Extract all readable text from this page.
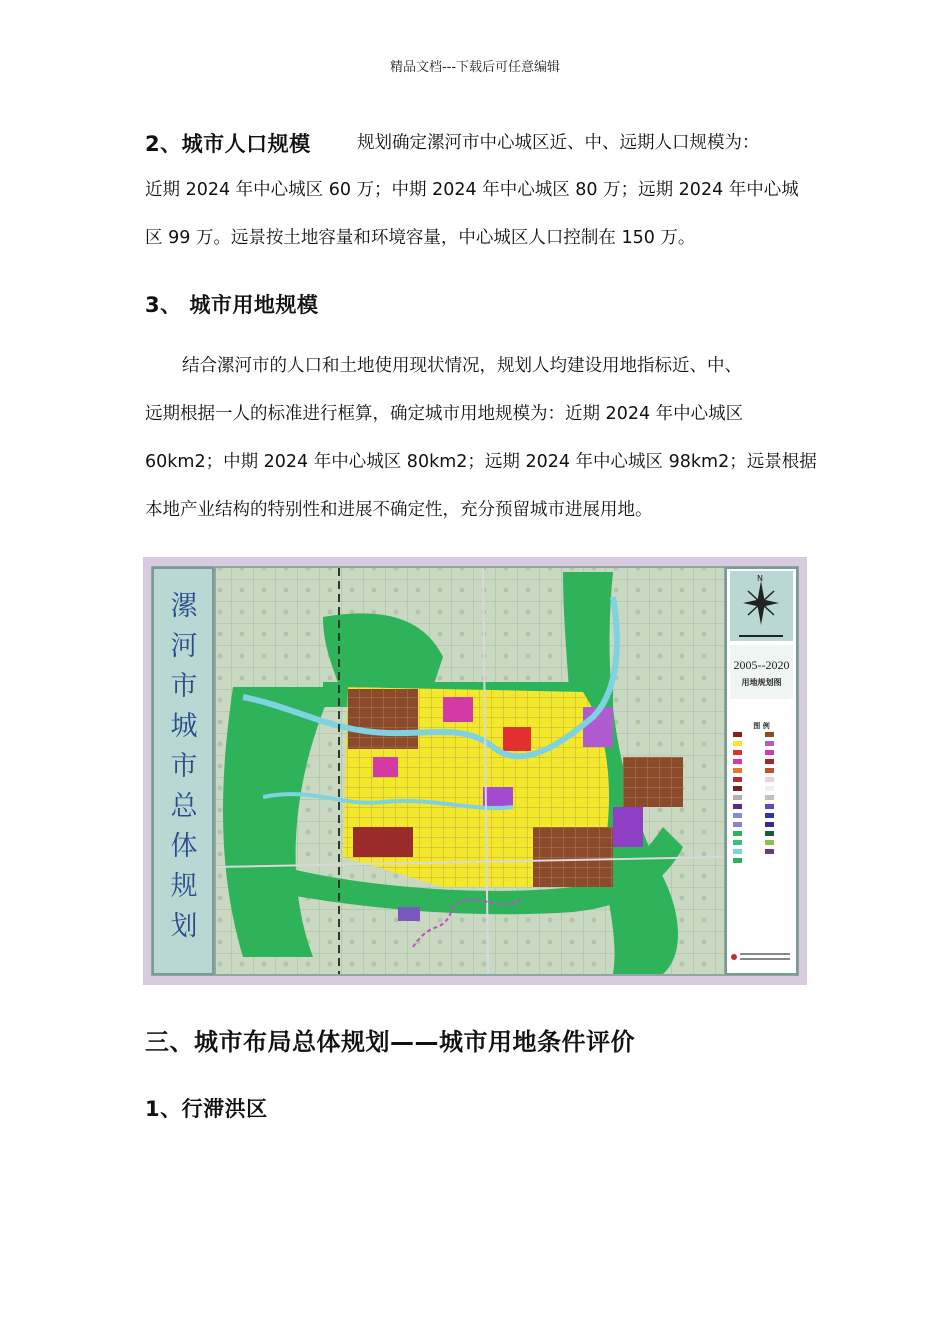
精品文档---下载后可任意编辑
2、城市人口规模	规划确定漯河市中心城区近、中、远期人口规模为：
近期 2024 年中心城区 60 万；中期 2024 年中心城区 80 万；远期 2024 年中心城
区 99 万。远景按土地容量和环境容量，中心城区人口控制在 150 万。
3、 城市用地规模
结合漯河市的人口和土地使用现状情况，规划人均建设用地指标近、中、
远期根据一人的标准进行框算，确定城市用地规模为：近期 2024 年中心城区
60km2；中期 2024 年中心城区 80km2；远期 2024 年中心城区 98km2；远景根据
本地产业结构的特别性和进展不确定性，充分预留城市进展用地。
N
漯
河
市
城
市
总
体
规
划
2005--2020
用地规划图
图 例
三、城市布局总体规划——城市用地条件评价
1、行滞洪区
